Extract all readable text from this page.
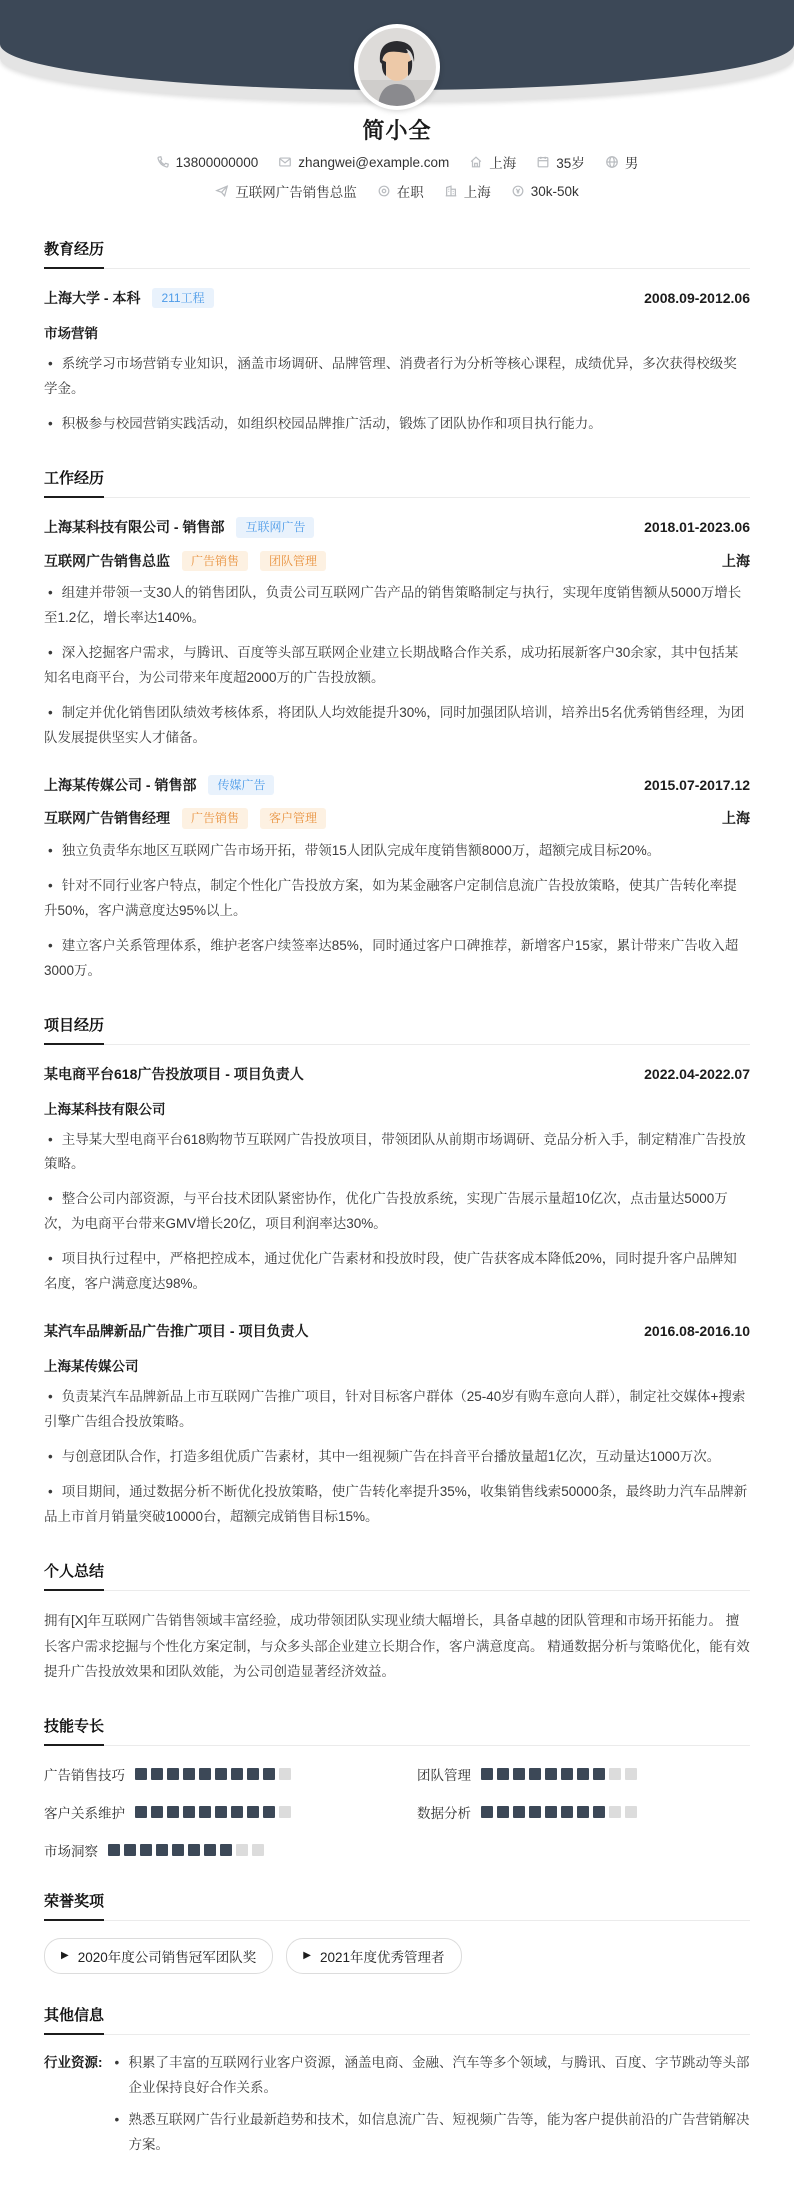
简小全
13800000000	zhangwei@example.com	上海	35岁	男
互联网广告销售总监	在职	上海	30k-50k
教育经历
上海大学 - 本科	211工程	2008.09-2012.06
市场营销

• 系统学习市场营销专业知识，涵盖市场调研、品牌管理、消费者行为分析等核心课程，成绩优异，多次获得校级奖学金。

• 积极参与校园营销实践活动，如组织校园品牌推广活动，锻炼了团队协作和项目执行能力。

工作经历
上海某科技有限公司 - 销售部	互联网广告	2018.01-2023.06
互联网广告销售总监	广告销售	团队管理	上海

• 组建并带领一支30人的销售团队，负责公司互联网广告产品的销售策略制定与执行，实现年度销售额从5000万增长至1.2亿，增长率达140%。

• 深入挖掘客户需求，与腾讯、百度等头部互联网企业建立长期战略合作关系，成功拓展新客户30余家，其中包括某知名电商平台，为公司带来年度超2000万的广告投放额。

• 制定并优化销售团队绩效考核体系，将团队人均效能提升30%，同时加强团队培训，培养出5名优秀销售经理，为团队发展提供坚实人才储备。

上海某传媒公司 - 销售部	传媒广告	2015.07-2017.12
互联网广告销售经理	广告销售	客户管理	上海

• 独立负责华东地区互联网广告市场开拓，带领15人团队完成年度销售额8000万，超额完成目标20%。

• 针对不同行业客户特点，制定个性化广告投放方案，如为某金融客户定制信息流广告投放策略，使其广告转化率提升50%，客户满意度达95%以上。

• 建立客户关系管理体系，维护老客户续签率达85%，同时通过客户口碑推荐，新增客户15家，累计带来广告收入超3000万。

项目经历
某电商平台618广告投放项目 - 项目负责人	2022.04-2022.07
上海某科技有限公司

• 主导某大型电商平台618购物节互联网广告投放项目，带领团队从前期市场调研、竞品分析入手，制定精准广告投放策略。

• 整合公司内部资源，与平台技术团队紧密协作，优化广告投放系统，实现广告展示量超10亿次，点击量达5000万次，为电商平台带来GMV增长20亿，项目利润率达30%。

• 项目执行过程中，严格把控成本，通过优化广告素材和投放时段，使广告获客成本降低20%，同时提升客户品牌知名度，客户满意度达98%。

某汽车品牌新品广告推广项目 - 项目负责人	2016.08-2016.10
上海某传媒公司

• 负责某汽车品牌新品上市互联网广告推广项目，针对目标客户群体（25-40岁有购车意向人群），制定社交媒体+搜索引擎广告组合投放策略。

• 与创意团队合作，打造多组优质广告素材，其中一组视频广告在抖音平台播放量超1亿次，互动量达1000万次。

• 项目期间，通过数据分析不断优化投放策略，使广告转化率提升35%，收集销售线索50000条，最终助力汽车品牌新品上市首月销量突破10000台，超额完成销售目标15%。

个人总结

拥有[X]年互联网广告销售领域丰富经验，成功带领团队实现业绩大幅增长，具备卓越的团队管理和市场开拓能力。 擅长客户需求挖掘与个性化方案定制，与众多头部企业建立长期合作，客户满意度高。 精通数据分析与策略优化，能有效提升广告投放效果和团队效能，为公司创造显著经济效益。

技能专长
广告销售技巧	团队管理
客户关系维护	数据分析
市场洞察
荣誉奖项
▶ 2020年度公司销售冠军团队奖	▶ 2021年度优秀管理者
其他信息
行业资源: • 积累了丰富的互联网行业客户资源，涵盖电商、金融、汽车等多个领域，与腾讯、百度、字节跳动等头部企业保持良好合作关系。
• 熟悉互联网广告行业最新趋势和技术，如信息流广告、短视频广告等，能为客户提供前沿的广告营销解决方案。
